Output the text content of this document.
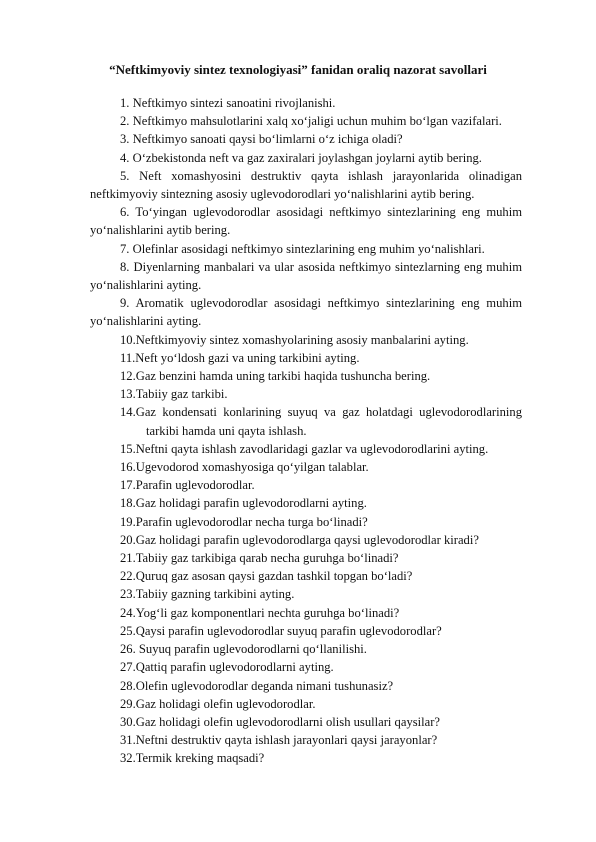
“Neftkimyoviy sintez texnologiyasi” fanidan oraliq nazorat savollari
1. Neftkimyo sintezi sanoatini rivojlanishi.
2. Neftkimyo mahsulotlarini xalq xo‘jaligi uchun muhim bo‘lgan vazifalari.
3. Neftkimyo sanoati qaysi bo‘limlarni o‘z ichiga oladi?
4. O‘zbekistonda neft va gaz zaxiralari joylashgan joylarni aytib bering.
5. Neft xomashyosini destruktiv qayta ishlash jarayonlarida olinadigan
neftkimyoviy sintezning asosiy uglevodorodlari yo‘nalishlarini aytib bering.
6. To‘yingan uglevodorodlar asosidagi neftkimyo sintezlarining eng muhim
yo‘nalishlarini aytib bering.
7. Olefinlar asosidagi neftkimyo sintezlarining eng muhim yo‘nalishlari.
8. Diyenlarning manbalari va ular asosida neftkimyo sintezlarning eng muhim
yo‘nalishlarini ayting.
9. Aromatik uglevodorodlar asosidagi neftkimyo sintezlarining eng muhim
yo‘nalishlarini ayting.
10.Neftkimyoviy sintez xomashyolarining asosiy manbalarini ayting.
11.Neft yo‘ldosh gazi va uning tarkibini ayting.
12.Gaz benzini hamda uning tarkibi haqida tushuncha bering.
13.Tabiiy gaz tarkibi.
14.Gaz kondensati konlarining suyuq va gaz holatdagi uglevodorodlarining
tarkibi hamda uni qayta ishlash.
15.Neftni qayta ishlash zavodlaridagi gazlar va uglevodorodlarini ayting.
16.Ugevodorod xomashyosiga qo‘yilgan talablar.
17.Parafin uglevodorodlar.
18.Gaz holidagi parafin uglevodorodlarni ayting.
19.Parafin uglevodorodlar necha turga bo‘linadi?
20.Gaz holidagi parafin uglevodorodlarga qaysi uglevodorodlar kiradi?
21.Tabiiy gaz tarkibiga qarab necha guruhga bo‘linadi?
22.Quruq gaz asosan qaysi gazdan tashkil topgan bo‘ladi?
23.Tabiiy gazning tarkibini ayting.
24.Yog‘li gaz komponentlari nechta guruhga bo‘linadi?
25.Qaysi parafin uglevodorodlar suyuq parafin uglevodorodlar?
26. Suyuq parafin uglevodorodlarni qo‘llanilishi.
27.Qattiq parafin uglevodorodlarni ayting.
28.Olefin uglevodorodlar deganda nimani tushunasiz?
29.Gaz holidagi olefin uglevodorodlar.
30.Gaz holidagi olefin uglevodorodlarni olish usullari qaysilar?
31.Neftni destruktiv qayta ishlash jarayonlari qaysi jarayonlar?
32.Termik kreking maqsadi?
